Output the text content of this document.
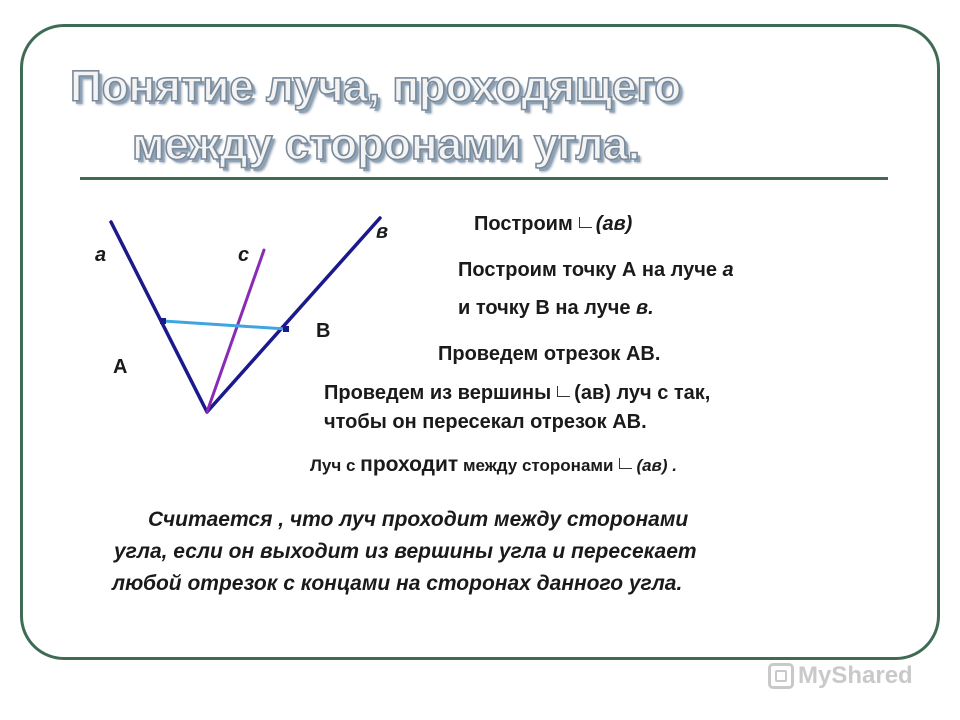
Понятие луча, проходящего
между сторонами угла.
а	с
в
А
В
Построим (ав)
Построим точку А на луче а
и точку В на луче в.
Проведем отрезок АВ.
Проведем из вершины (ав) луч с так,
чтобы он пересекал отрезок АВ.
Луч с проходит между сторонами (ав) .
Считается , что луч проходит между сторонами
угла, если он выходит из вершины угла и пересекает
любой отрезок с концами на сторонах данного угла.
MyShared
